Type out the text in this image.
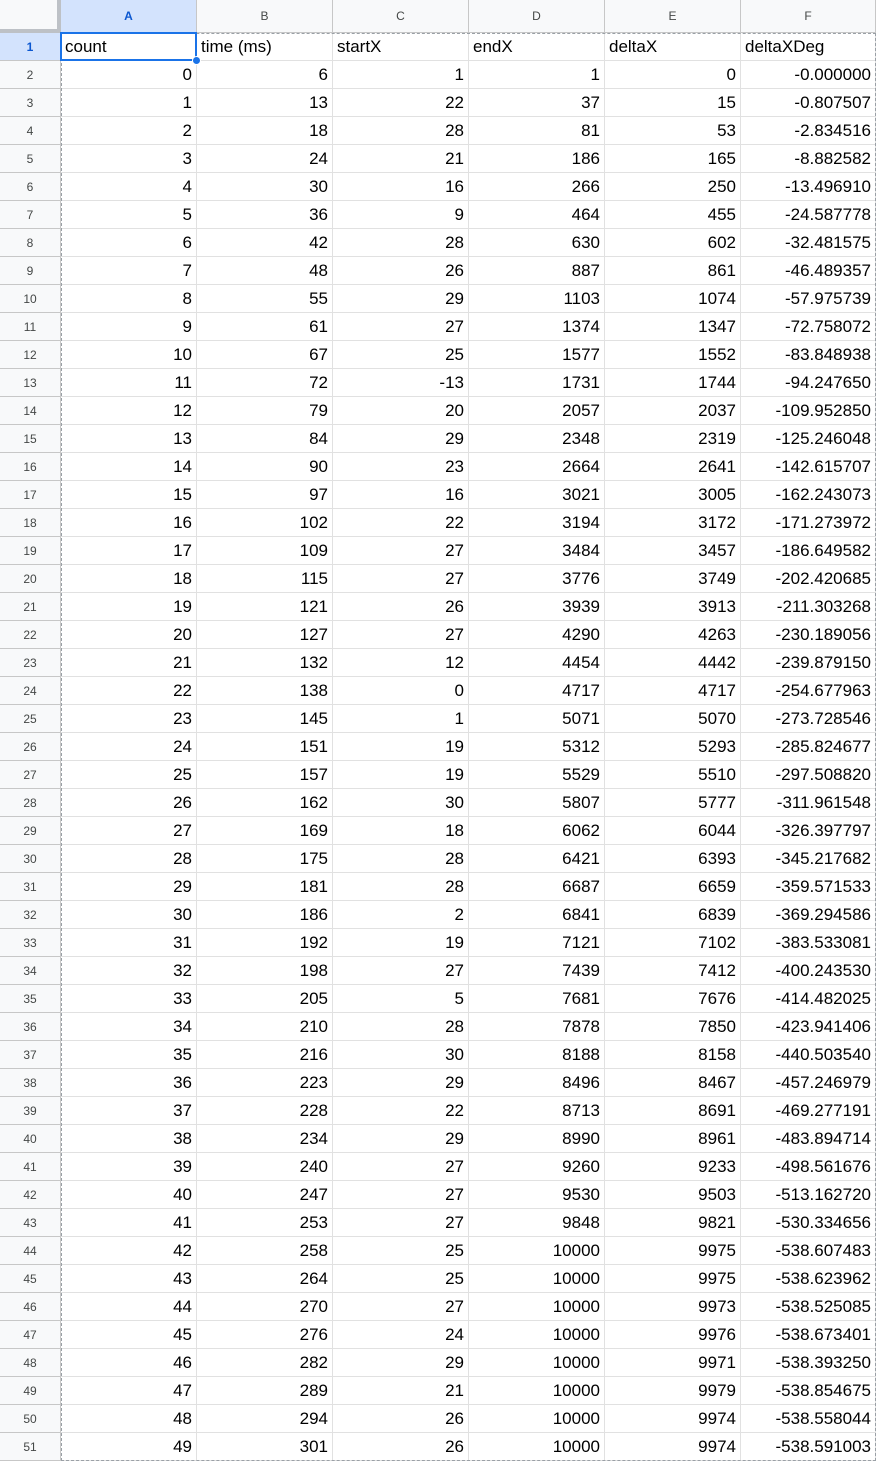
A	B	C	D	E	F
1	count	time (ms)	startX	endX	deltaX	deltaXDeg
2	0	6	1	1	0	-0.000000
3	1	13	22	37	15	-0.807507
4	2	18	28	81	53	-2.834516
5	3	24	21	186	165	-8.882582
6	4	30	16	266	250	-13.496910
7	5	36	9	464	455	-24.587778
8	6	42	28	630	602	-32.481575
9	7	48	26	887	861	-46.489357
10	8	55	29	1103	1074	-57.975739
11	9	61	27	1374	1347	-72.758072
12	10	67	25	1577	1552	-83.848938
13	11	72	-13	1731	1744	-94.247650
14	12	79	20	2057	2037	-109.952850
15	13	84	29	2348	2319	-125.246048
16	14	90	23	2664	2641	-142.615707
17	15	97	16	3021	3005	-162.243073
18	16	102	22	3194	3172	-171.273972
19	17	109	27	3484	3457	-186.649582
20	18	115	27	3776	3749	-202.420685
21	19	121	26	3939	3913	-211.303268
22	20	127	27	4290	4263	-230.189056
23	21	132	12	4454	4442	-239.879150
24	22	138	0	4717	4717	-254.677963
25	23	145	1	5071	5070	-273.728546
26	24	151	19	5312	5293	-285.824677
27	25	157	19	5529	5510	-297.508820
28	26	162	30	5807	5777	-311.961548
29	27	169	18	6062	6044	-326.397797
30	28	175	28	6421	6393	-345.217682
31	29	181	28	6687	6659	-359.571533
32	30	186	2	6841	6839	-369.294586
33	31	192	19	7121	7102	-383.533081
34	32	198	27	7439	7412	-400.243530
35	33	205	5	7681	7676	-414.482025
36	34	210	28	7878	7850	-423.941406
37	35	216	30	8188	8158	-440.503540
38	36	223	29	8496	8467	-457.246979
39	37	228	22	8713	8691	-469.277191
40	38	234	29	8990	8961	-483.894714
41	39	240	27	9260	9233	-498.561676
42	40	247	27	9530	9503	-513.162720
43	41	253	27	9848	9821	-530.334656
44	42	258	25	10000	9975	-538.607483
45	43	264	25	10000	9975	-538.623962
46	44	270	27	10000	9973	-538.525085
47	45	276	24	10000	9976	-538.673401
48	46	282	29	10000	9971	-538.393250
49	47	289	21	10000	9979	-538.854675
50	48	294	26	10000	9974	-538.558044
51	49	301	26	10000	9974	-538.591003
